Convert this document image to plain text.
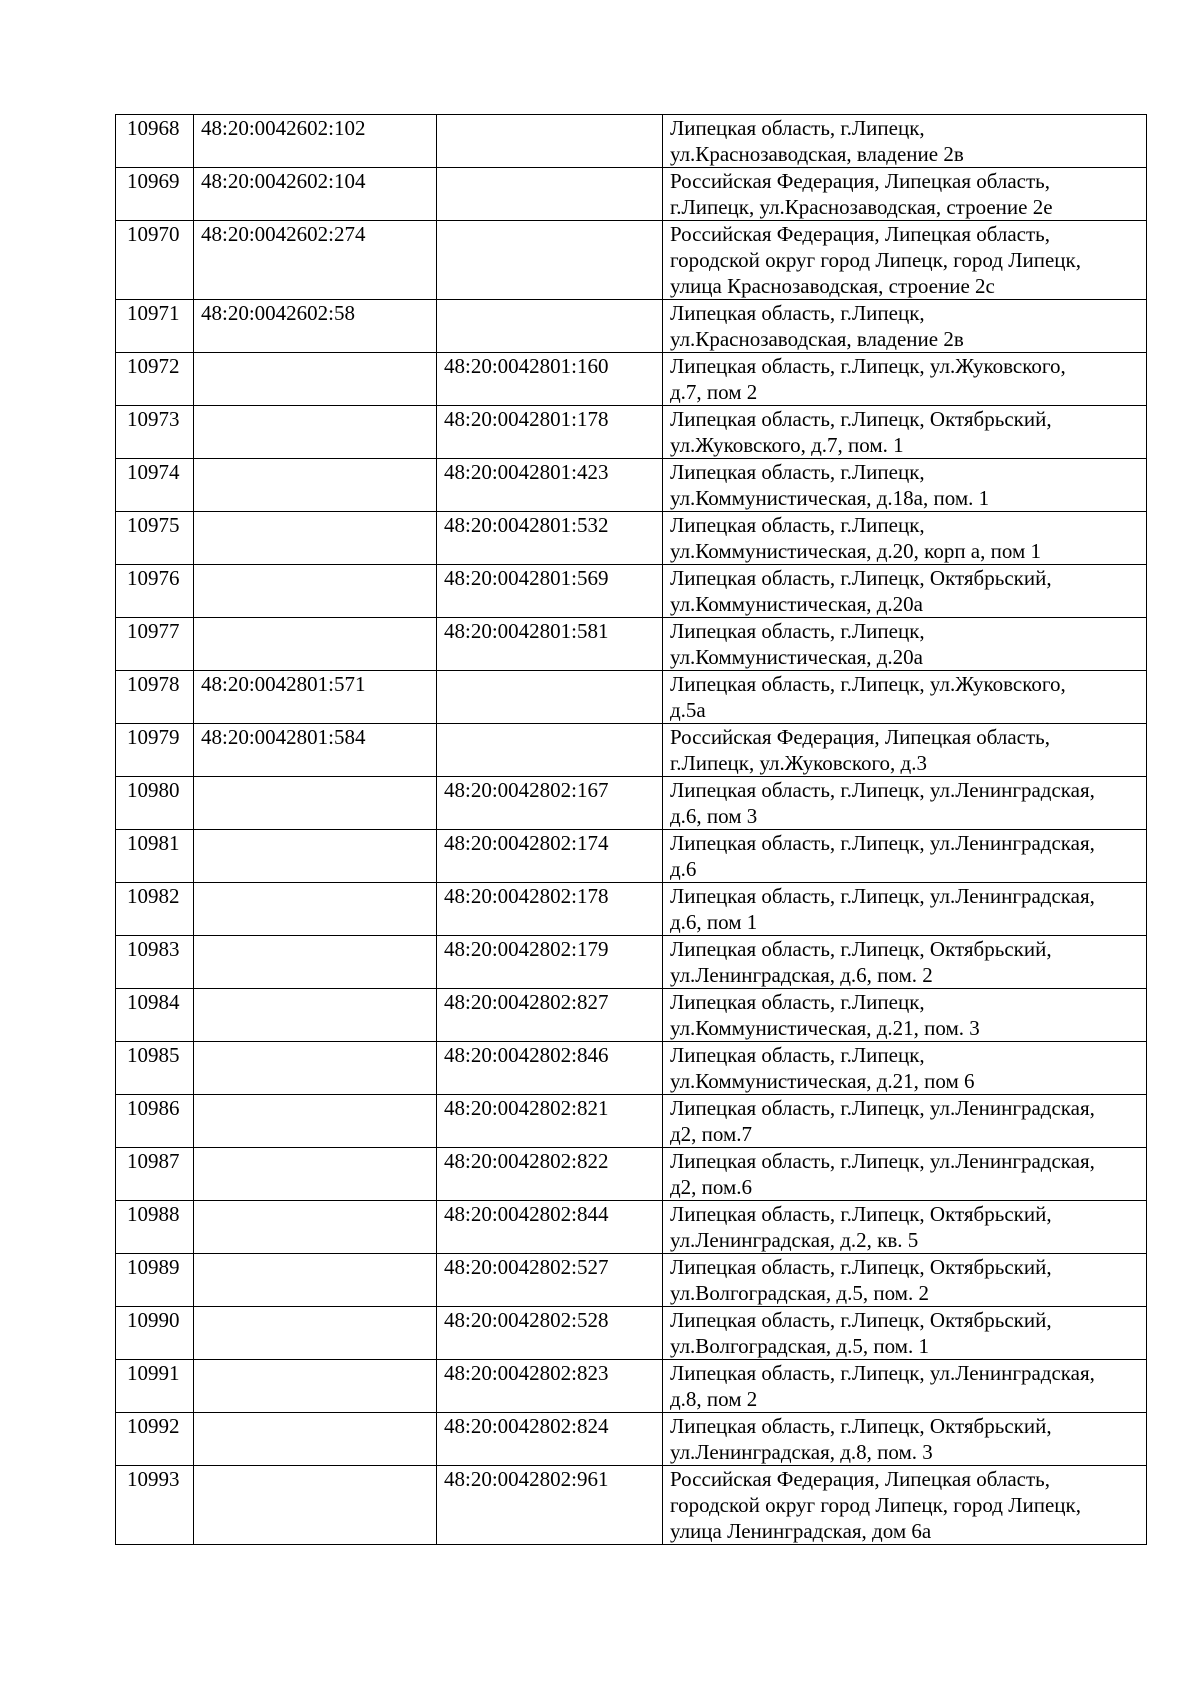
10968	48:20:0042602:102		Липецкая область, г.Липецк,
ул.Краснозаводская, владение 2в

10969	48:20:0042602:104		Российская Федерация, Липецкая область,
г.Липецк, ул.Краснозаводская, строение 2е

10970	48:20:0042602:274		Российская Федерация, Липецкая область,
городской округ город Липецк, город Липецк,
улица Краснозаводская, строение 2с

10971	48:20:0042602:58		Липецкая область, г.Липецк,
ул.Краснозаводская, владение 2в

10972		48:20:0042801:160	Липецкая область, г.Липецк, ул.Жуковского,
д.7, пом 2

10973		48:20:0042801:178	Липецкая область, г.Липецк, Октябрьский,
ул.Жуковского, д.7, пом. 1

10974		48:20:0042801:423	Липецкая область, г.Липецк,
ул.Коммунистическая, д.18а, пом. 1

10975		48:20:0042801:532	Липецкая область, г.Липецк,
ул.Коммунистическая, д.20, корп а, пом 1

10976		48:20:0042801:569	Липецкая область, г.Липецк, Октябрьский,
ул.Коммунистическая, д.20а

10977		48:20:0042801:581	Липецкая область, г.Липецк,
ул.Коммунистическая, д.20а

10978	48:20:0042801:571		Липецкая область, г.Липецк, ул.Жуковского,
д.5а

10979	48:20:0042801:584		Российская Федерация, Липецкая область,
г.Липецк, ул.Жуковского, д.3

10980		48:20:0042802:167	Липецкая область, г.Липецк, ул.Ленинградская,
д.6, пом 3

10981		48:20:0042802:174	Липецкая область, г.Липецк, ул.Ленинградская,
д.6

10982		48:20:0042802:178	Липецкая область, г.Липецк, ул.Ленинградская,
д.6, пом 1

10983		48:20:0042802:179	Липецкая область, г.Липецк, Октябрьский,
ул.Ленинградская, д.6, пом. 2

10984		48:20:0042802:827	Липецкая область, г.Липецк,
ул.Коммунистическая, д.21, пом. 3

10985		48:20:0042802:846	Липецкая область, г.Липецк,
ул.Коммунистическая, д.21, пом 6

10986		48:20:0042802:821	Липецкая область, г.Липецк, ул.Ленинградская,
д2, пом.7

10987		48:20:0042802:822	Липецкая область, г.Липецк, ул.Ленинградская,
д2, пом.6

10988		48:20:0042802:844	Липецкая область, г.Липецк, Октябрьский,
ул.Ленинградская, д.2, кв. 5

10989		48:20:0042802:527	Липецкая область, г.Липецк, Октябрьский,
ул.Волгоградская, д.5, пом. 2

10990		48:20:0042802:528	Липецкая область, г.Липецк, Октябрьский,
ул.Волгоградская, д.5, пом. 1

10991		48:20:0042802:823	Липецкая область, г.Липецк, ул.Ленинградская,
д.8, пом 2

10992		48:20:0042802:824	Липецкая область, г.Липецк, Октябрьский,
ул.Ленинградская, д.8, пом. 3

10993		48:20:0042802:961	Российская Федерация, Липецкая область,
городской округ город Липецк, город Липецк,
улица Ленинградская, дом 6а
